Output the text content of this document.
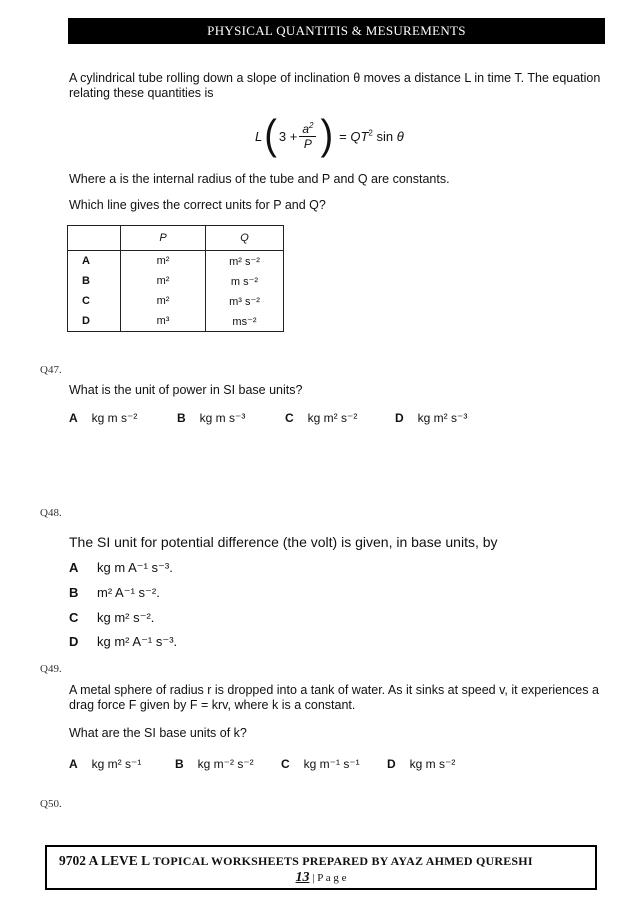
PHYSICAL QUANTITIS & MESUREMENTS
A cylindrical tube rolling down a slope of inclination θ moves a distance L in time T. The equation
relating these quantities is
L ( $3 + \frac{a^2}{P}$ ) = $QT^2$ sin θ
Where a is the internal radius of the tube and P and Q are constants.
Which line gives the correct units for P and Q?
	P	Q
A	m²	m² s⁻²
B	m²	m s⁻²
C	m²	m³ s⁻²
D	m³	ms⁻²
Q47.
What is the unit of power in SI base units?
A kg m s⁻²	B kg m s⁻³	C kg m² s⁻²	D kg m² s⁻³
Q48.
The SI unit for potential difference (the volt) is given, in base units, by
A kg m A⁻¹ s⁻³.
B m² A⁻¹ s⁻².
C kg m² s⁻².
D kg m² A⁻¹ s⁻³.
Q49.
A metal sphere of radius r is dropped into a tank of water. As it sinks at speed v, it experiences a
drag force F given by F = krv, where k is a constant.
What are the SI base units of k?
A kg m² s⁻¹	B kg m⁻² s⁻² C kg m⁻¹ s⁻¹ D kg m s⁻²
Q50.
9702 A LEVE L TOPICAL WORKSHEETS PREPARED BY AYAZ AHMED QURESHI
13 | P a g e
